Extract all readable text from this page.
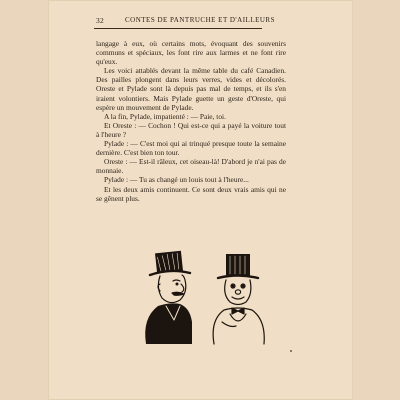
32	CONTES DE PANTRUCHE ET D'AILLEURS

langage à eux, où certains mots, évoquant des souvenirs communs et spéciaux, les font rire aux larmes et ne font rire qu'eux.

Les voici attablés devant la même table du café Canadien. Des pailles plongent dans leurs verres, vides et décolorés. Oreste et Pylade sont là depuis pas mal de temps, et ils s'en iraient volontiers. Mais Pylade guette un geste d'Oreste, qui espère un mouvement de Pylade.

A la fin, Pylade, impatienté : — Paie, toi.

Et Oreste : — Cochon ! Qui est-ce qui a payé la voiture tout à l'heure ?

Pylade : — C'est moi qui ai trinqué presque toute la semaine dernière. C'est bien ton tour.

Oreste : — Est-il râleux, cet oiseau-là! D'abord je n'ai pas de monnaie.

Pylade : — Tu as changé un louis tout à l'heure...

Et les deux amis continuent. Ce sont deux vrais amis qui ne se gênent plus.
